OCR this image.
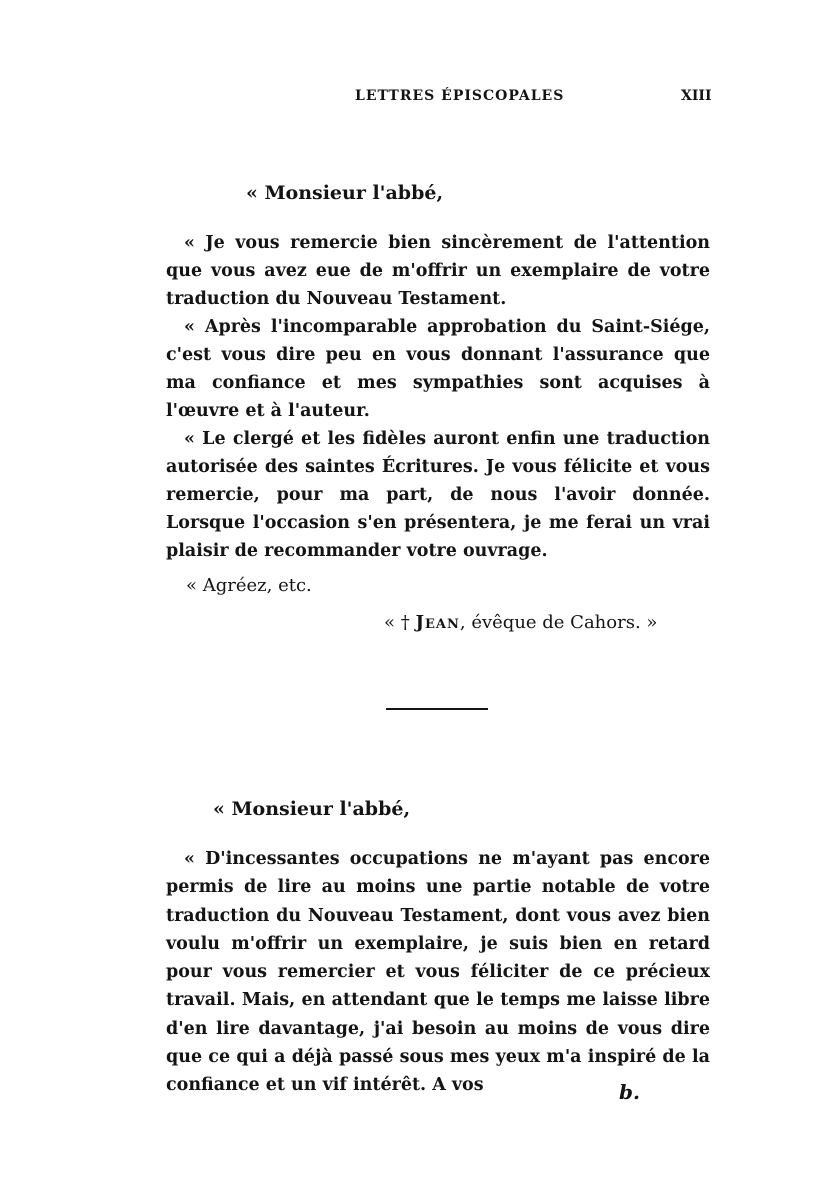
LETTRES ÉPISCOPALES	XIII
« Monsieur l'abbé,

« Je vous remercie bien sincèrement de l'attention que vous avez eue de m'offrir un exemplaire de votre traduction du Nouveau Testament.

« Après l'incomparable approbation du Saint-Siége, c'est vous dire peu en vous donnant l'assurance que ma confiance et mes sympathies sont acquises à l'œuvre et à l'auteur.

« Le clergé et les fidèles auront enfin une traduction autorisée des saintes Écritures. Je vous félicite et vous remercie, pour ma part, de nous l'avoir donnée. Lorsque l'occasion s'en présentera, je me ferai un vrai plaisir de recommander votre ouvrage.

« Agréez, etc.
« † Jean, évêque de Cahors. »
« Monsieur l'abbé,

« D'incessantes occupations ne m'ayant pas encore permis de lire au moins une partie notable de votre traduction du Nouveau Testament, dont vous avez bien voulu m'offrir un exemplaire, je suis bien en retard pour vous remercier et vous féliciter de ce précieux travail. Mais, en attendant que le temps me laisse libre d'en lire davantage, j'ai besoin au moins de vous dire que ce qui a déjà passé sous mes yeux m'a inspiré de la confiance et un vif intérêt. A vos	b.
